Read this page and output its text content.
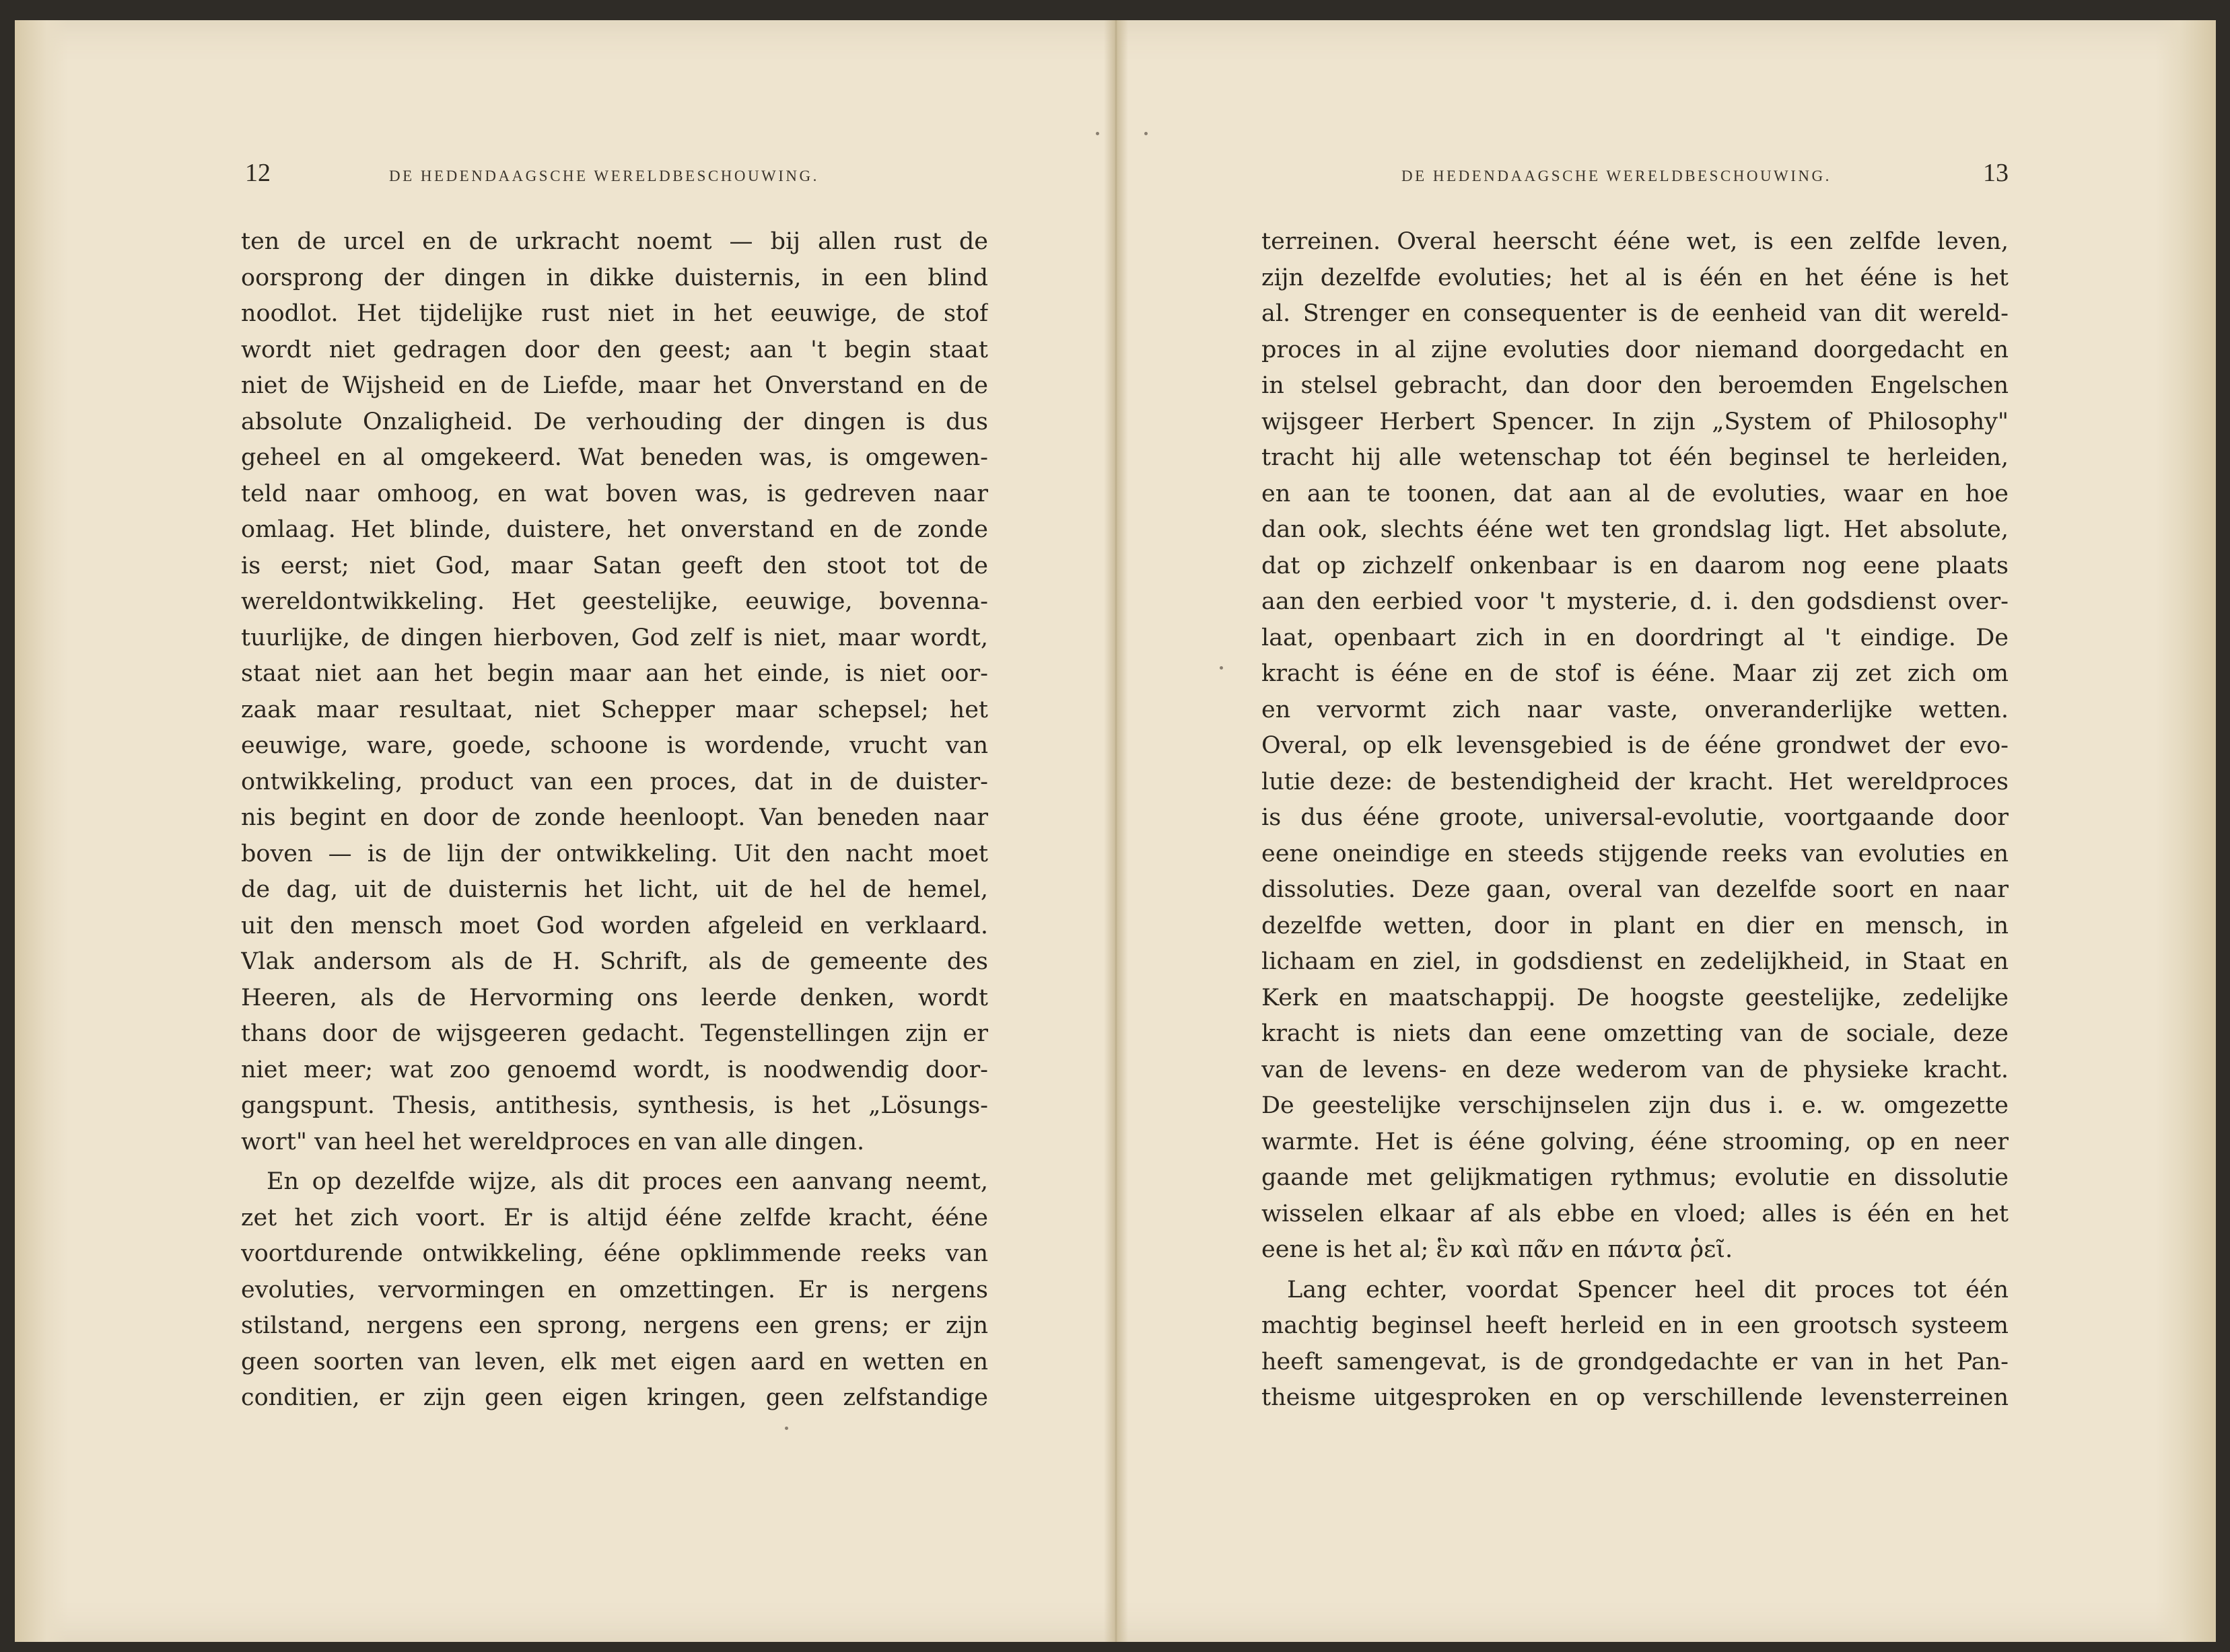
12	DE HEDENDAAGSCHE WERELDBESCHOUWING.
ten de urcel en de urkracht noemt — bij allen rust de
oorsprong der dingen in dikke duisternis, in een blind
noodlot. Het tijdelijke rust niet in het eeuwige, de stof
wordt niet gedragen door den geest; aan 't begin staat
niet de Wijsheid en de Liefde, maar het Onverstand en de
absolute Onzaligheid. De verhouding der dingen is dus
geheel en al omgekeerd. Wat beneden was, is omgewen-
teld naar omhoog, en wat boven was, is gedreven naar
omlaag. Het blinde, duistere, het onverstand en de zonde
is eerst; niet God, maar Satan geeft den stoot tot de
wereldontwikkeling. Het geestelijke, eeuwige, bovenna-
tuurlijke, de dingen hierboven, God zelf is niet, maar wordt,
staat niet aan het begin maar aan het einde, is niet oor-
zaak maar resultaat, niet Schepper maar schepsel; het
eeuwige, ware, goede, schoone is wordende, vrucht van
ontwikkeling, product van een proces, dat in de duister-
nis begint en door de zonde heenloopt. Van beneden naar
boven — is de lijn der ontwikkeling. Uit den nacht moet
de dag, uit de duisternis het licht, uit de hel de hemel,
uit den mensch moet God worden afgeleid en verklaard.
Vlak andersom als de H. Schrift, als de gemeente des
Heeren, als de Hervorming ons leerde denken, wordt
thans door de wijsgeeren gedacht. Tegenstellingen zijn er
niet meer; wat zoo genoemd wordt, is noodwendig door-
gangspunt. Thesis, antithesis, synthesis, is het „Lösungs-
wort" van heel het wereldproces en van alle dingen.
En op dezelfde wijze, als dit proces een aanvang neemt,
zet het zich voort. Er is altijd ééne zelfde kracht, ééne
voortdurende ontwikkeling, ééne opklimmende reeks van
evoluties, vervormingen en omzettingen. Er is nergens
stilstand, nergens een sprong, nergens een grens; er zijn
geen soorten van leven, elk met eigen aard en wetten en
conditien, er zijn geen eigen kringen, geen zelfstandige
DE HEDENDAAGSCHE WERELDBESCHOUWING.	13
terreinen. Overal heerscht ééne wet, is een zelfde leven,
zijn dezelfde evoluties; het al is één en het ééne is het
al. Strenger en consequenter is de eenheid van dit wereld-
proces in al zijne evoluties door niemand doorgedacht en
in stelsel gebracht, dan door den beroemden Engelschen
wijsgeer Herbert Spencer. In zijn „System of Philosophy"
tracht hij alle wetenschap tot één beginsel te herleiden,
en aan te toonen, dat aan al de evoluties, waar en hoe
dan ook, slechts ééne wet ten grondslag ligt. Het absolute,
dat op zichzelf onkenbaar is en daarom nog eene plaats
aan den eerbied voor 't mysterie, d. i. den godsdienst over-
laat, openbaart zich in en doordringt al 't eindige. De
kracht is ééne en de stof is ééne. Maar zij zet zich om
en vervormt zich naar vaste, onveranderlijke wetten.
Overal, op elk levensgebied is de ééne grondwet der evo-
lutie deze: de bestendigheid der kracht. Het wereldproces
is dus ééne groote, universal-evolutie, voortgaande door
eene oneindige en steeds stijgende reeks van evoluties en
dissoluties. Deze gaan, overal van dezelfde soort en naar
dezelfde wetten, door in plant en dier en mensch, in
lichaam en ziel, in godsdienst en zedelijkheid, in Staat en
Kerk en maatschappij. De hoogste geestelijke, zedelijke
kracht is niets dan eene omzetting van de sociale, deze
van de levens- en deze wederom van de physieke kracht.
De geestelijke verschijnselen zijn dus i. e. w. omgezette
warmte. Het is ééne golving, ééne strooming, op en neer
gaande met gelijkmatigen rythmus; evolutie en dissolutie
wisselen elkaar af als ebbe en vloed; alles is één en het
eene is het al; ἓν καὶ πᾶν en πάντα ῥεῖ.
Lang echter, voordat Spencer heel dit proces tot één
machtig beginsel heeft herleid en in een grootsch systeem
heeft samengevat, is de grondgedachte er van in het Pan-
theisme uitgesproken en op verschillende levensterreinen
